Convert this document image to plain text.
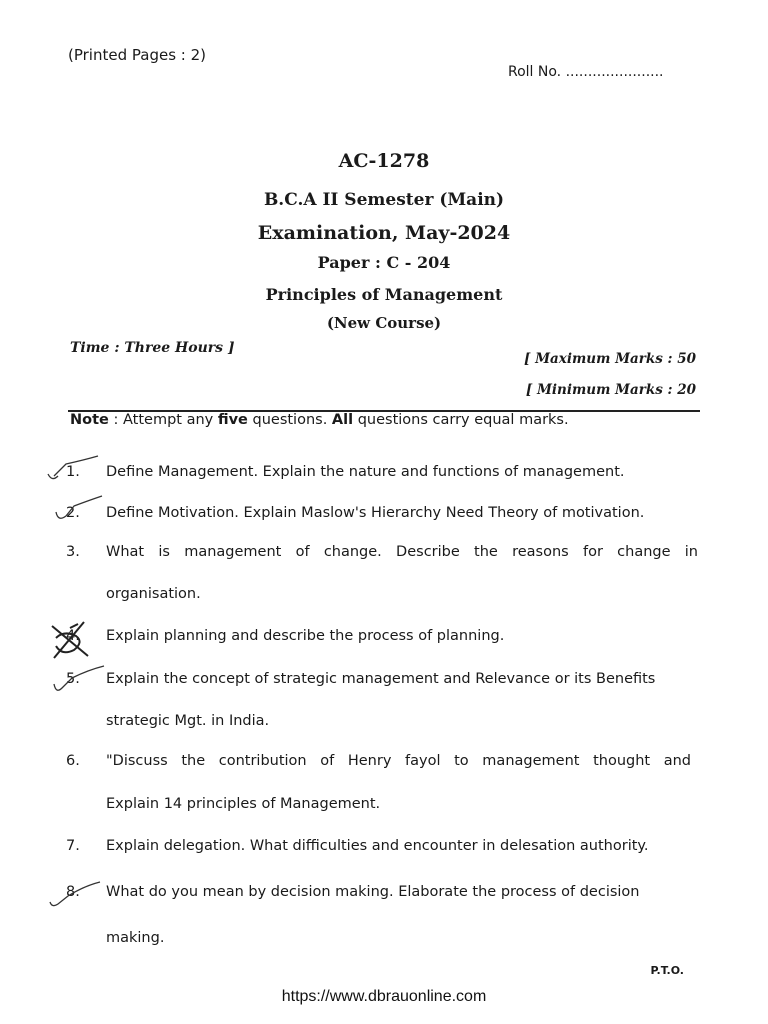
(Printed Pages : 2)
Roll No. ......................
AC-1278
B.C.A II Semester (Main)
Examination, May-2024
Paper : C - 204
Principles of Management
(New Course)
Time : Three Hours ]
[ Maximum Marks : 50
[ Minimum Marks : 20
Note : Attempt any five questions. All questions carry equal marks.
1.	Define Management. Explain the nature and functions of management.
2.	Define Motivation. Explain Maslow's Hierarchy Need Theory of motivation.
3.	What is management of change. Describe the reasons for change in
organisation.
4.	Explain planning and describe the process of planning.
5.	Explain the concept of strategic management and Relevance or its Benefits
strategic Mgt. in India.
6.	"Discuss the contribution of Henry fayol to management thought and
Explain 14 principles of Management.
7.	Explain delegation. What difficulties and encounter in delesation authority.
8.	What do you mean by decision making. Elaborate the process of decision
making.
P.T.O.
https://www.dbrauonline.com
